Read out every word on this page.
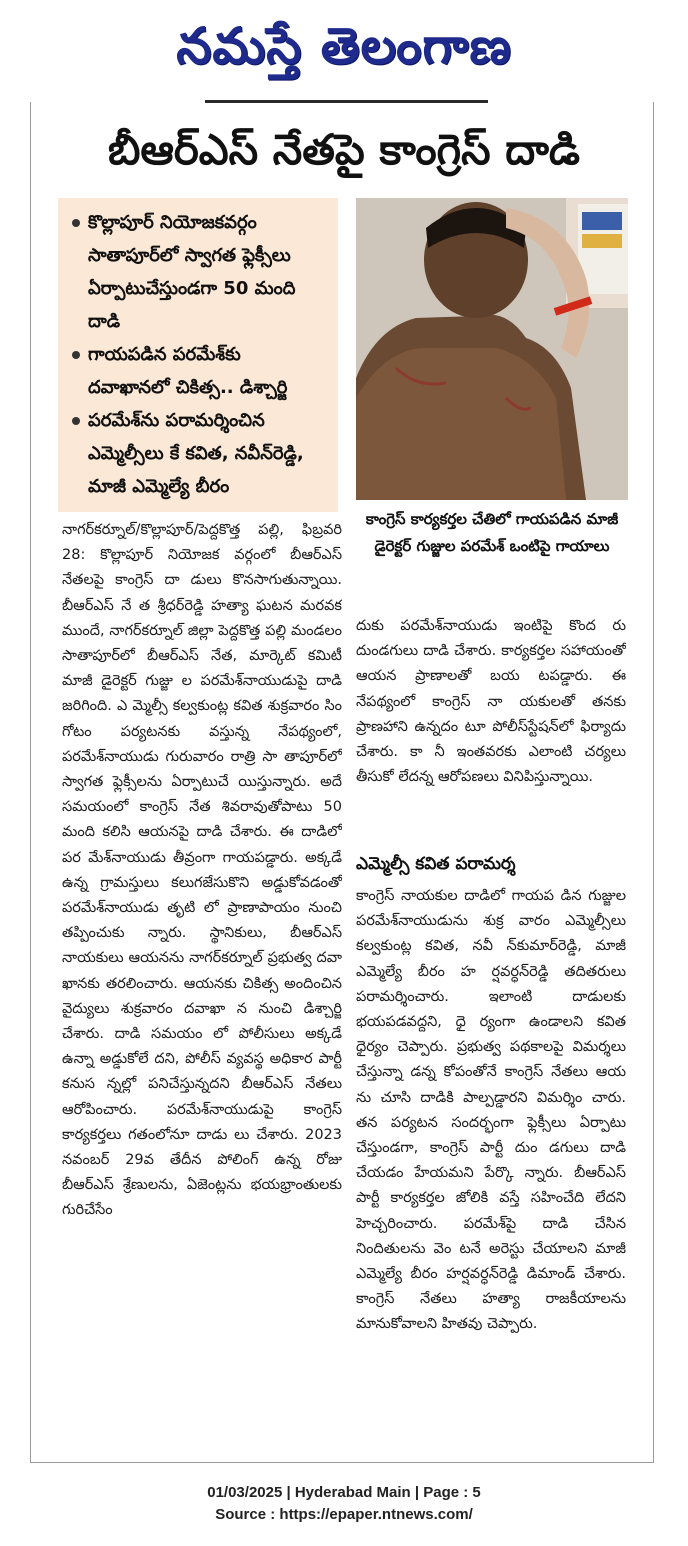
నమస్తే తెలంగాణ
బీఆర్ఎస్ నేతపై కాంగ్రెస్ దాడి
కొల్లాపూర్ నియోజకవర్గం సాతాపూర్‌లో స్వాగత ఫ్లెక్సీలు ఏర్పాటుచేస్తుండగా 50 మంది దాడి
గాయపడిన పరమేశ్‌కు దవాఖానలో చికిత్స.. డిశ్చార్జి
పరమేశ్‌ను పరామర్శించిన ఎమ్మెల్సీలు కే కవిత, నవీన్‌రెడ్డి, మాజీ ఎమ్మెల్యే బీరం
కాంగ్రెస్ కార్యకర్తల చేతిలో గాయపడిన మాజీ డైరెక్టర్ గుజ్జుల పరమేశ్ ఒంటిపై గాయాలు
నాగర్‌కర్నూల్/కొల్లాపూర్/పెద్దకొత్త పల్లి, ఫిబ్రవరి 28: కొల్లాపూర్ నియోజక వర్గంలో బీఆర్ఎస్ నేతలపై కాంగ్రెస్ దా డులు కొనసాగుతున్నాయి. బీఆర్ఎస్ నే త శ్రీధర్‌రెడ్డి హత్యా ఘటన మరవక ముందే, నాగర్‌కర్నూల్ జిల్లా పెద్దకొత్త పల్లి మండలం సాతాపూర్‌లో బీఆర్ఎస్ నేత, మార్కెట్ కమిటీ మాజీ డైరెక్టర్ గుజ్జు ల పరమేశ్‌నాయుడుపై దాడి జరిగింది. ఎ మ్మెల్సీ కల్వకుంట్ల కవిత శుక్రవారం సిం గోటం పర్యటనకు వస్తున్న నేపథ్యంలో, పరమేశ్‌నాయుడు గురువారం రాత్రి సా తాపూర్‌లో స్వాగత ఫ్లెక్సీలను ఏర్పాటుచే యిస్తున్నారు. అదే సమయంలో కాంగ్రెస్ నేత శివరావుతోపాటు 50 మంది కలిసి ఆయనపై దాడి చేశారు. ఈ దాడిలో పర మేశ్‌నాయుడు తీవ్రంగా గాయపడ్డారు. అక్కడే ఉన్న గ్రామస్తులు కలుగజేసుకొని అడ్డుకోవడంతో పరమేశ్‌నాయుడు తృటి లో ప్రాణాపాయం నుంచి తప్పించుకు న్నారు. స్థానికులు, బీఆర్ఎస్ నాయకులు ఆయనను నాగర్‌కర్నూల్ ప్రభుత్వ దవా ఖానకు తరలించారు. ఆయనకు చికిత్స అందించిన వైద్యులు శుక్రవారం దవాఖా న నుంచి డిశ్చార్జి చేశారు. దాడి సమయం లో పోలీసులు అక్కడే ఉన్నా అడ్డుకోలే దని, పోలీస్ వ్యవస్థ అధికార పార్టీ కనుస న్నల్లో పనిచేస్తున్నదని బీఆర్ఎస్ నేతలు ఆరోపించారు. పరమేశ్‌నాయుడుపై కాంగ్రెస్ కార్యకర్తలు గతంలోనూ దాడు లు చేశారు. 2023 నవంబర్ 29వ తేదీన పోలింగ్ ఉన్న రోజు బీఆర్ఎస్ శ్రేణులను, ఏజెంట్లను భయభ్రాంతులకు గురిచేసేం
దుకు పరమేశ్‌నాయుడు ఇంటిపై కొంద రు దుండగులు దాడి చేశారు. కార్యకర్తల సహాయంతో ఆయన ప్రాణాలతో బయ టపడ్డారు. ఈ నేపథ్యంలో కాంగ్రెస్ నా యకులతో తనకు ప్రాణహాని ఉన్నదం టూ పోలీస్‌స్టేషన్‌లో ఫిర్యాదు చేశారు. కా నీ ఇంతవరకు ఎలాంటి చర్యలు తీసుకో లేదన్న ఆరోపణలు వినిపిస్తున్నాయి.
ఎమ్మెల్సీ కవిత పరామర్శ
కాంగ్రెస్ నాయకుల దాడిలో గాయప డిన గుజ్జుల పరమేశ్‌నాయుడును శుక్ర వారం ఎమ్మెల్సీలు కల్వకుంట్ల కవిత, నవీ న్‌కుమార్‌రెడ్డి, మాజీ ఎమ్మెల్యే బీరం హ ర్షవర్ధన్‌రెడ్డి తదితరులు పరామర్శించారు. ఇలాంటి దాడులకు భయపడవద్దని, ధై ర్యంగా ఉండాలని కవిత ధైర్యం చెప్పారు. ప్రభుత్వ పథకాలపై విమర్శలు చేస్తున్నా డన్న కోపంతోనే కాంగ్రెస్ నేతలు ఆయ ను చూసి దాడికి పాల్పడ్డారని విమర్శిం చారు. తన పర్యటన సందర్భంగా ఫ్లెక్సీలు ఏర్పాటు చేస్తుండగా, కాంగ్రెస్ పార్టీ దుం డగులు దాడి చేయడం హేయమని పేర్కొ న్నారు. బీఆర్ఎస్ పార్టీ కార్యకర్తల జోలికి వస్తే సహించేది లేదని హెచ్చరించారు. పరమేశ్‌పై దాడి చేసిన నిందితులను వెం టనే అరెస్టు చేయాలని మాజీ ఎమ్మెల్యే బీరం హర్షవర్ధన్‌రెడ్డి డిమాండ్ చేశారు. కాంగ్రెస్ నేతలు హత్యా రాజకీయాలను మానుకోవాలని హితవు చెప్పారు.
01/03/2025 | Hyderabad Main | Page : 5
Source : https://epaper.ntnews.com/
